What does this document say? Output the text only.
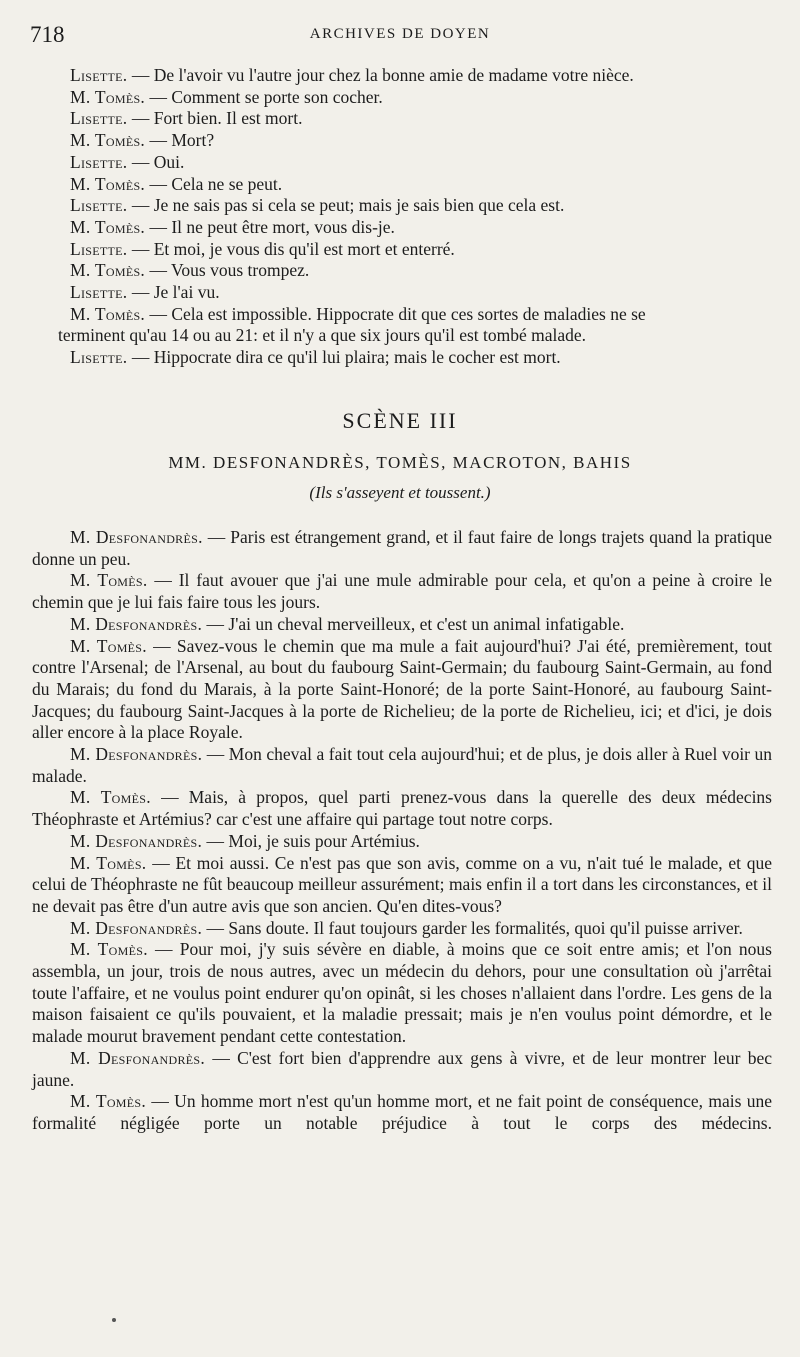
718	ARCHIVES DE DOYEN
Lisette. — De l'avoir vu l'autre jour chez la bonne amie de madame votre nièce.
M. Tomès. — Comment se porte son cocher.
Lisette. — Fort bien. Il est mort.
M. Tomès. — Mort?
Lisette. — Oui.
M. Tomès. — Cela ne se peut.
Lisette. — Je ne sais pas si cela se peut; mais je sais bien que cela est.
M. Tomès. — Il ne peut être mort, vous dis-je.
Lisette. — Et moi, je vous dis qu'il est mort et enterré.
M. Tomès. — Vous vous trompez.
Lisette. — Je l'ai vu.
M. Tomès. — Cela est impossible. Hippocrate dit que ces sortes de maladies ne se
terminent qu'au 14 ou au 21: et il n'y a que six jours qu'il est tombé malade.
Lisette. — Hippocrate dira ce qu'il lui plaira; mais le cocher est mort.
SCÈNE III
MM. DESFONANDRÈS, TOMÈS, MACROTON, BAHIS
(Ils s'asseyent et toussent.)

M. Desfonandrès. — Paris est étrangement grand, et il faut faire de longs trajets quand la pratique donne un peu.

M. Tomès. — Il faut avouer que j'ai une mule admirable pour cela, et qu'on a peine à croire le chemin que je lui fais faire tous les jours.

M. Desfonandrès. — J'ai un cheval merveilleux, et c'est un animal infatigable.

M. Tomès. — Savez-vous le chemin que ma mule a fait aujourd'hui? J'ai été, premièrement, tout contre l'Arsenal; de l'Arsenal, au bout du faubourg Saint-Germain; du faubourg Saint-Germain, au fond du Marais; du fond du Marais, à la porte Saint-Honoré; de la porte Saint-Honoré, au faubourg Saint-Jacques; du faubourg Saint-Jacques à la porte de Richelieu; de la porte de Richelieu, ici; et d'ici, je dois aller encore à la place Royale.

M. Desfonandrès. — Mon cheval a fait tout cela aujourd'hui; et de plus, je dois aller à Ruel voir un malade.

M. Tomès. — Mais, à propos, quel parti prenez-vous dans la querelle des deux médecins Théophraste et Artémius? car c'est une affaire qui partage tout notre corps.

M. Desfonandrès. — Moi, je suis pour Artémius.

M. Tomès. — Et moi aussi. Ce n'est pas que son avis, comme on a vu, n'ait tué le malade, et que celui de Théophraste ne fût beaucoup meilleur assurément; mais enfin il a tort dans les circonstances, et il ne devait pas être d'un autre avis que son ancien. Qu'en dites-vous?

M. Desfonandrès. — Sans doute. Il faut toujours garder les formalités, quoi qu'il puisse arriver.

M. Tomès. — Pour moi, j'y suis sévère en diable, à moins que ce soit entre amis; et l'on nous assembla, un jour, trois de nous autres, avec un médecin du dehors, pour une consultation où j'arrêtai toute l'affaire, et ne voulus point endurer qu'on opinât, si les choses n'allaient dans l'ordre. Les gens de la maison faisaient ce qu'ils pouvaient, et la maladie pressait; mais je n'en voulus point démordre, et le malade mourut bravement pendant cette contestation.

M. Desfonandrès. — C'est fort bien d'apprendre aux gens à vivre, et de leur montrer leur bec jaune.

M. Tomès. — Un homme mort n'est qu'un homme mort, et ne fait point de conséquence, mais une formalité négligée porte un notable préjudice à tout le corps des médecins.
